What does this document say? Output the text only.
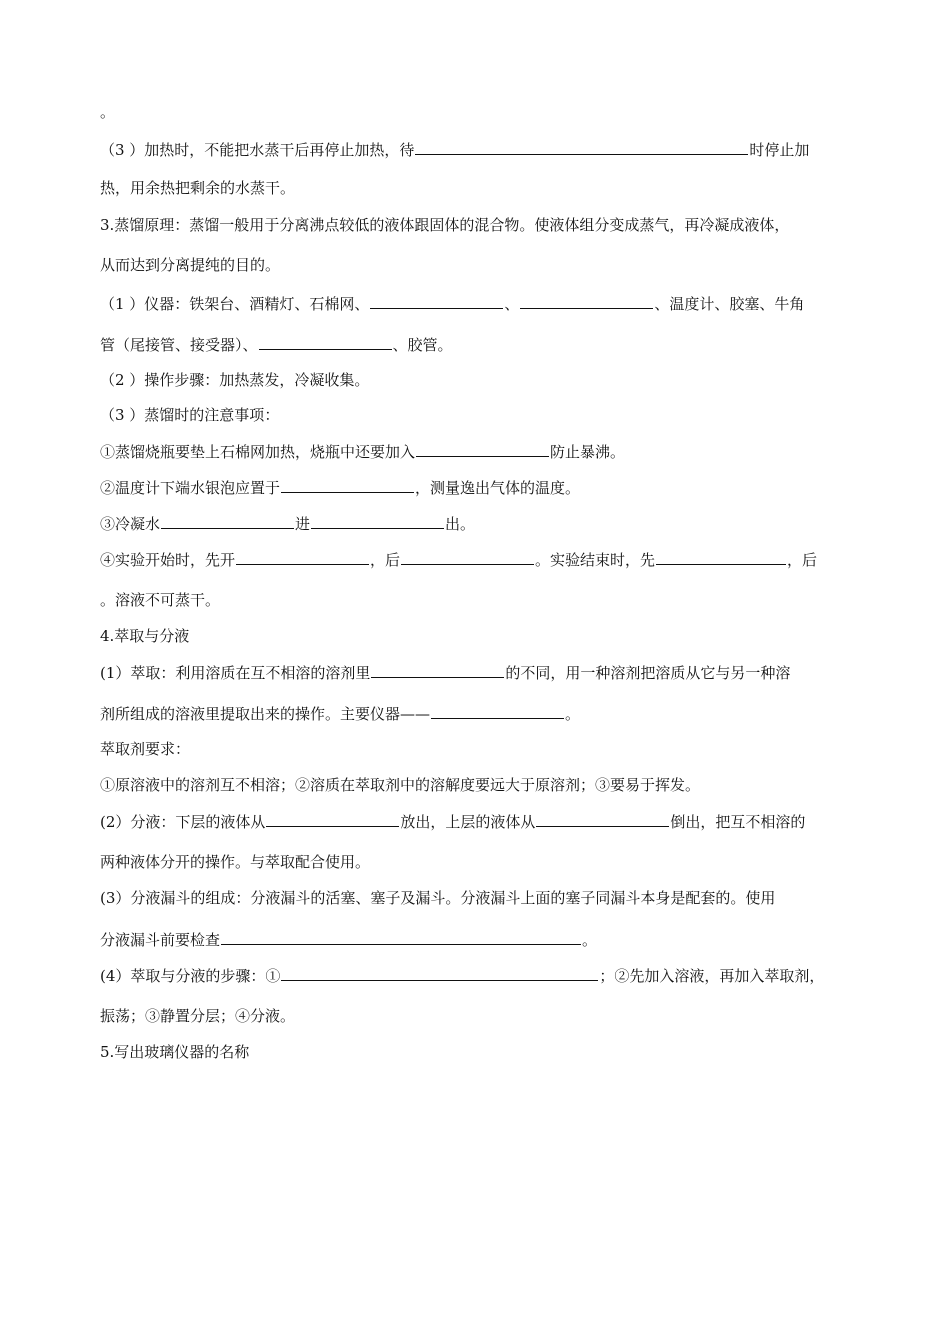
。
（3 ）加热时，不能把水蒸干后再停止加热，待	时停止加
热，用余热把剩余的水蒸干。
3.蒸馏原理：蒸馏一般用于分离沸点较低的液体跟固体的混合物。使液体组分变成蒸气，再冷凝成液体，
从而达到分离提纯的目的。
（1 ）仪器：铁架台、酒精灯、石棉网、	、	、温度计、胶塞、牛角
管（尾接管、接受器）、	、胶管。
（2 ）操作步骤：加热蒸发，冷凝收集。
（3 ）蒸馏时的注意事项：
①蒸馏烧瓶要垫上石棉网加热，烧瓶中还要加入	防止暴沸。
②温度计下端水银泡应置于	，测量逸出气体的温度。
③冷凝水	进	出。
④实验开始时，先开	，后	。实验结束时，先	，后
。溶液不可蒸干。
4.萃取与分液
(1）萃取：利用溶质在互不相溶的溶剂里	的不同，用一种溶剂把溶质从它与另一种溶
剂所组成的溶液里提取出来的操作。主要仪器——	。
萃取剂要求：
①原溶液中的溶剂互不相溶；②溶质在萃取剂中的溶解度要远大于原溶剂；③要易于挥发。
(2）分液：下层的液体从	放出，上层的液体从	倒出，把互不相溶的
两种液体分开的操作。与萃取配合使用。
(3）分液漏斗的组成：分液漏斗的活塞、塞子及漏斗。分液漏斗上面的塞子同漏斗本身是配套的。使用
分液漏斗前要检查	。
(4）萃取与分液的步骤：①	；②先加入溶液，再加入萃取剂，
振荡；③静置分层；④分液。
5.写出玻璃仪器的名称
